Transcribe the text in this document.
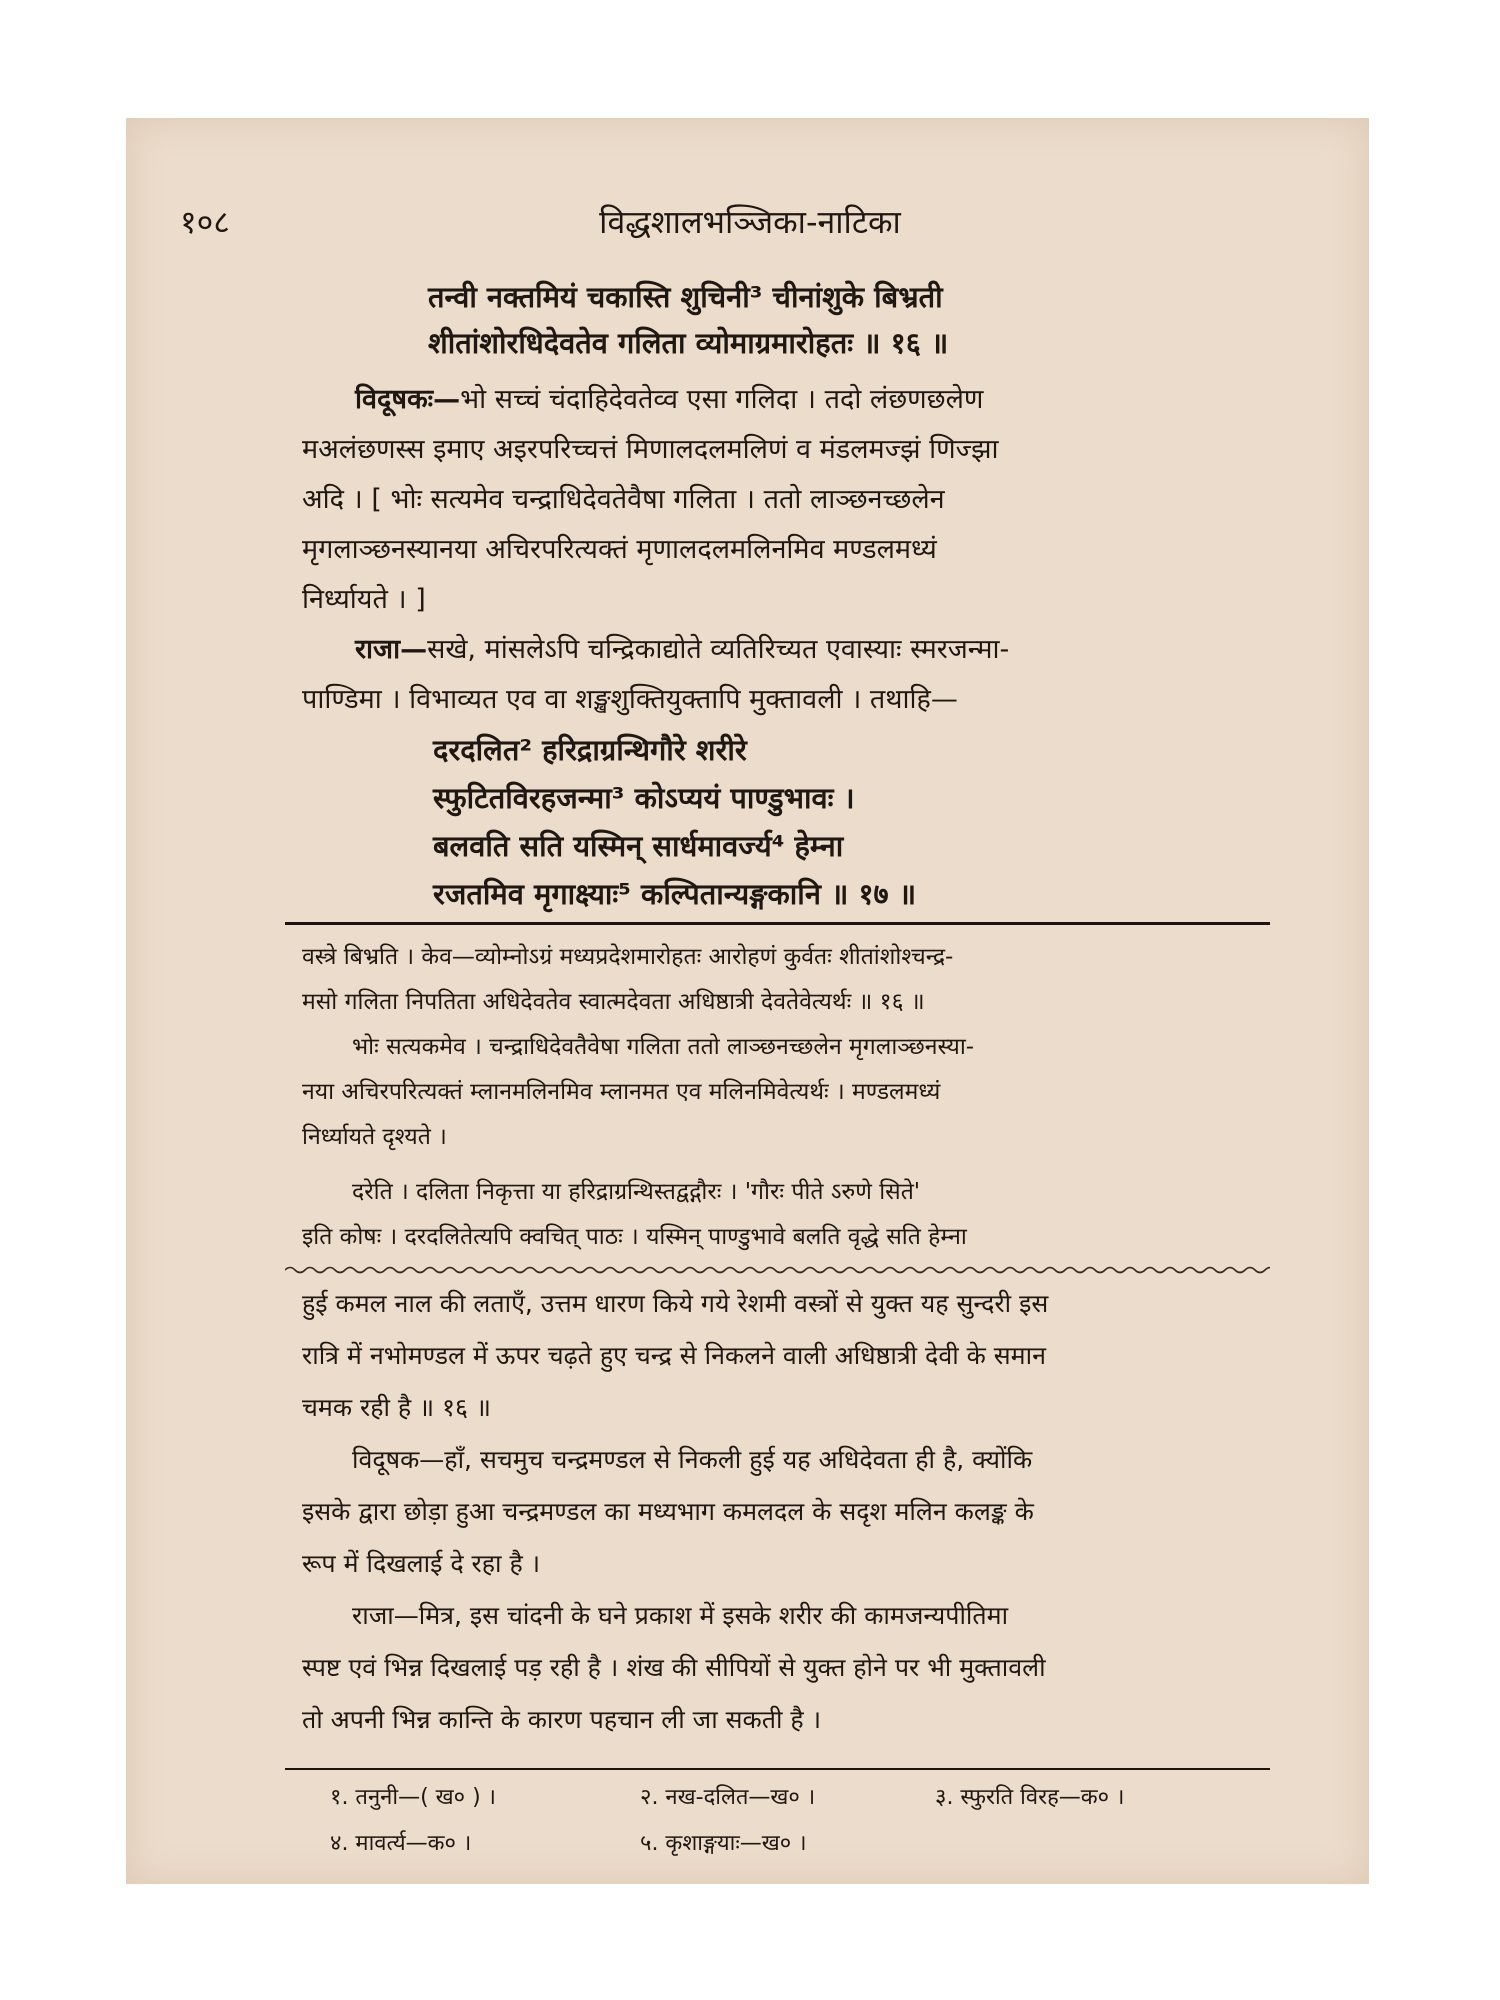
१०८	विद्धशालभञ्जिका-नाटिका
तन्वी नक्तमियं चकास्ति शुचिनी³ चीनांशुके बिभ्रती
शीतांशोरधिदेवतेव गलिता व्योमाग्रमारोहतः ॥ १६ ॥
विदूषकः—भो सच्चं चंदाहिदेवतेव्व एसा गलिदा । तदो लंछणछलेण
मअलंछणस्स इमाए अइरपरिच्चत्तं मिणालदलमलिणं व मंडलमज्झं णिज्झा
अदि । [ भोः सत्यमेव चन्द्राधिदेवतेवैषा गलिता । ततो लाञ्छनच्छलेन
मृगलाञ्छनस्यानया अचिरपरित्यक्तं मृणालदलमलिनमिव मण्डलमध्यं
निर्ध्यायते । ]
राजा—सखे, मांसलेऽपि चन्द्रिकाद्योते व्यतिरिच्यत एवास्याः स्मरजन्मा-
पाण्डिमा । विभाव्यत एव वा शङ्खशुक्तियुक्तापि मुक्तावली । तथाहि—
दरदलित² हरिद्राग्रन्थिगौरे शरीरे
स्फुटितविरहजन्मा³ कोऽप्ययं पाण्डुभावः ।
बलवति सति यस्मिन् सार्धमावर्ज्य⁴ हेम्ना
रजतमिव मृगाक्ष्याः⁵ कल्पितान्यङ्गकानि ॥ १७ ॥
वस्त्रे बिभ्रति । केव—व्योम्नोऽग्रं मध्यप्रदेशमारोहतः आरोहणं कुर्वतः शीतांशोश्चन्द्र-
मसो गलिता निपतिता अधिदेवतेव स्वात्मदेवता अधिष्ठात्री देवतेवेत्यर्थः ॥ १६ ॥
भोः सत्यकमेव । चन्द्राधिदेवतैवेषा गलिता ततो लाञ्छनच्छलेन मृगलाञ्छनस्या-
नया अचिरपरित्यक्तं म्लानमलिनमिव म्लानमत एव मलिनमिवेत्यर्थः । मण्डलमध्यं
निर्ध्यायते दृश्यते ।
दरेति । दलिता निकृत्ता या हरिद्राग्रन्थिस्तद्वद्गौरः । 'गौरः पीते ऽरुणे सिते'
इति कोषः । दरदलितेत्यपि क्वचित् पाठः । यस्मिन् पाण्डुभावे बलति वृद्धे सति हेम्ना
हुई कमल नाल की लताएँ, उत्तम धारण किये गये रेशमी वस्त्रों से युक्त यह सुन्दरी इस
रात्रि में नभोमण्डल में ऊपर चढ़ते हुए चन्द्र से निकलने वाली अधिष्ठात्री देवी के समान
चमक रही है ॥ १६ ॥
विदूषक—हाँ, सचमुच चन्द्रमण्डल से निकली हुई यह अधिदेवता ही है, क्योंकि
इसके द्वारा छोड़ा हुआ चन्द्रमण्डल का मध्यभाग कमलदल के सदृश मलिन कलङ्क के
रूप में दिखलाई दे रहा है ।
राजा—मित्र, इस चांदनी के घने प्रकाश में इसके शरीर की कामजन्यपीतिमा
स्पष्ट एवं भिन्न दिखलाई पड़ रही है । शंख की सीपियों से युक्त होने पर भी मुक्तावली
तो अपनी भिन्न कान्ति के कारण पहचान ली जा सकती है ।
१. तनुनी—( ख० ) ।	२. नख-दलित—ख० ।	३. स्फुरति विरह—क० ।
४. मावर्त्य—क० ।	५. कृशाङ्गयाः—ख० ।
